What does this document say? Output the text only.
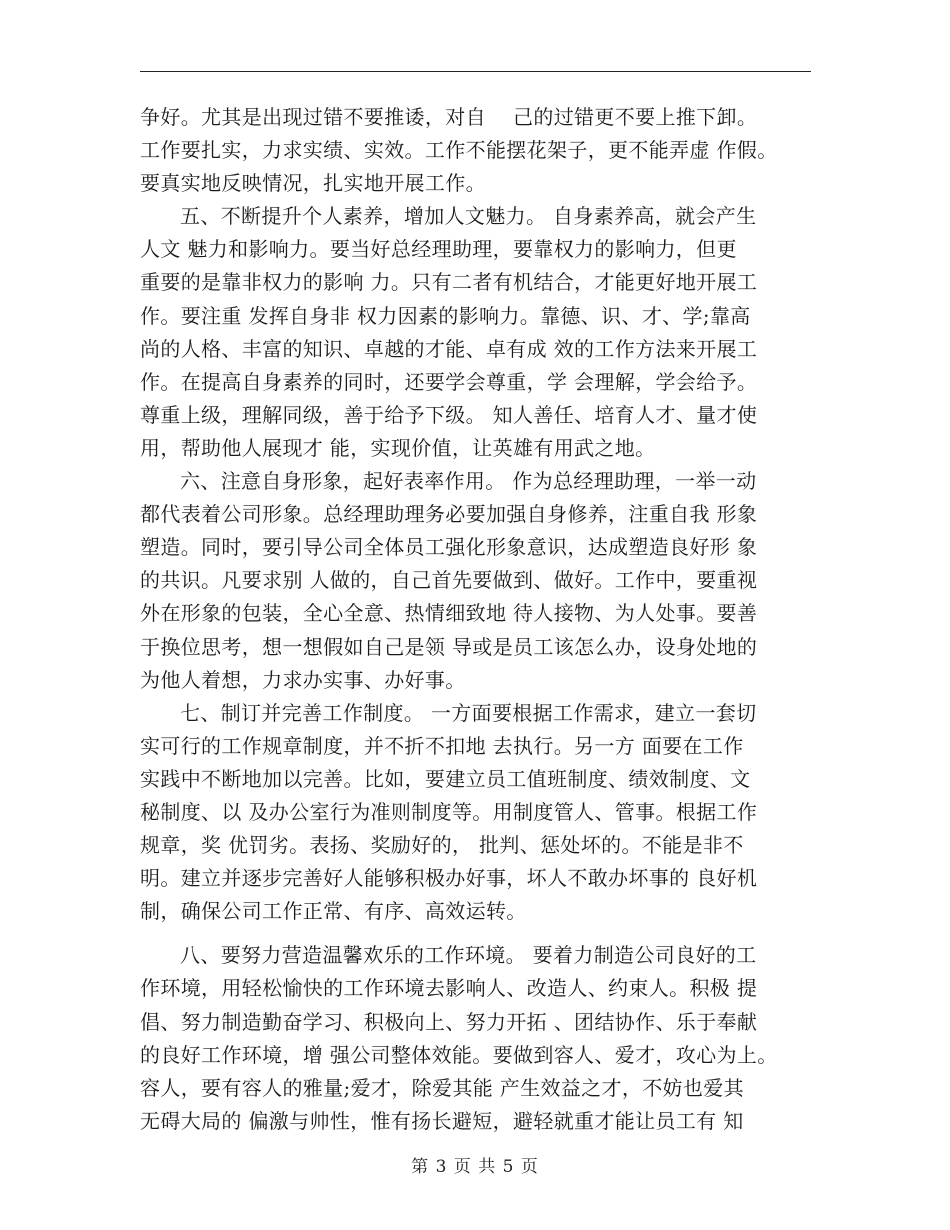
争好。尤其是出现过错不要推诿，对自　 己的过错更不要上推下卸。
工作要扎实，力求实绩、实效。工作不能摆花架子，更不能弄虚 作假。
要真实地反映情况，扎实地开展工作。
五、不断提升个人素养，增加人文魅力。 自身素养高，就会产生
人文 魅力和影响力。要当好总经理助理，要靠权力的影响力，但更
重要的是靠非权力的影响 力。只有二者有机结合，才能更好地开展工
作。要注重 发挥自身非 权力因素的影响力。靠德、识、才、学;靠高
尚的人格、丰富的知识、卓越的才能、卓有成 效的工作方法来开展工
作。在提高自身素养的同时，还要学会尊重，学 会理解，学会给予。
尊重上级，理解同级，善于给予下级。 知人善任、培育人才、量才使
用，帮助他人展现才 能，实现价值，让英雄有用武之地。
六、注意自身形象，起好表率作用。 作为总经理助理，一举一动
都代表着公司形象。总经理助理务必要加强自身修养，注重自我 形象
塑造。同时，要引导公司全体员工强化形象意识，达成塑造良好形 象
的共识。凡要求别 人做的，自己首先要做到、做好。工作中，要重视
外在形象的包装，全心全意、热情细致地 待人接物、为人处事。要善
于换位思考，想一想假如自己是领 导或是员工该怎么办，设身处地的
为他人着想，力求办实事、办好事。
七、制订并完善工作制度。 一方面要根据工作需求，建立一套切
实可行的工作规章制度，并不折不扣地 去执行。另一方 面要在工作
实践中不断地加以完善。比如，要建立员工值班制度、绩效制度、文
秘制度、以 及办公室行为准则制度等。用制度管人、管事。根据工作
规章，奖 优罚劣。表扬、奖励好的， 批判、惩处坏的。不能是非不
明。建立并逐步完善好人能够积极办好事，坏人不敢办坏事的 良好机
制，确保公司工作正常、有序、高效运转。
八、要努力营造温馨欢乐的工作环境。 要着力制造公司良好的工
作环境，用轻松愉快的工作环境去影响人、改造人、约束人。积极 提
倡、努力制造勤奋学习、积极向上、努力开拓 、团结协作、乐于奉献
的良好工作环境，增 强公司整体效能。要做到容人、爱才，攻心为上。
容人，要有容人的雅量;爱才，除爱其能 产生效益之才，不妨也爱其
无碍大局的 偏激与帅性，惟有扬长避短，避轻就重才能让员工有 知
第 3 页 共 5 页
